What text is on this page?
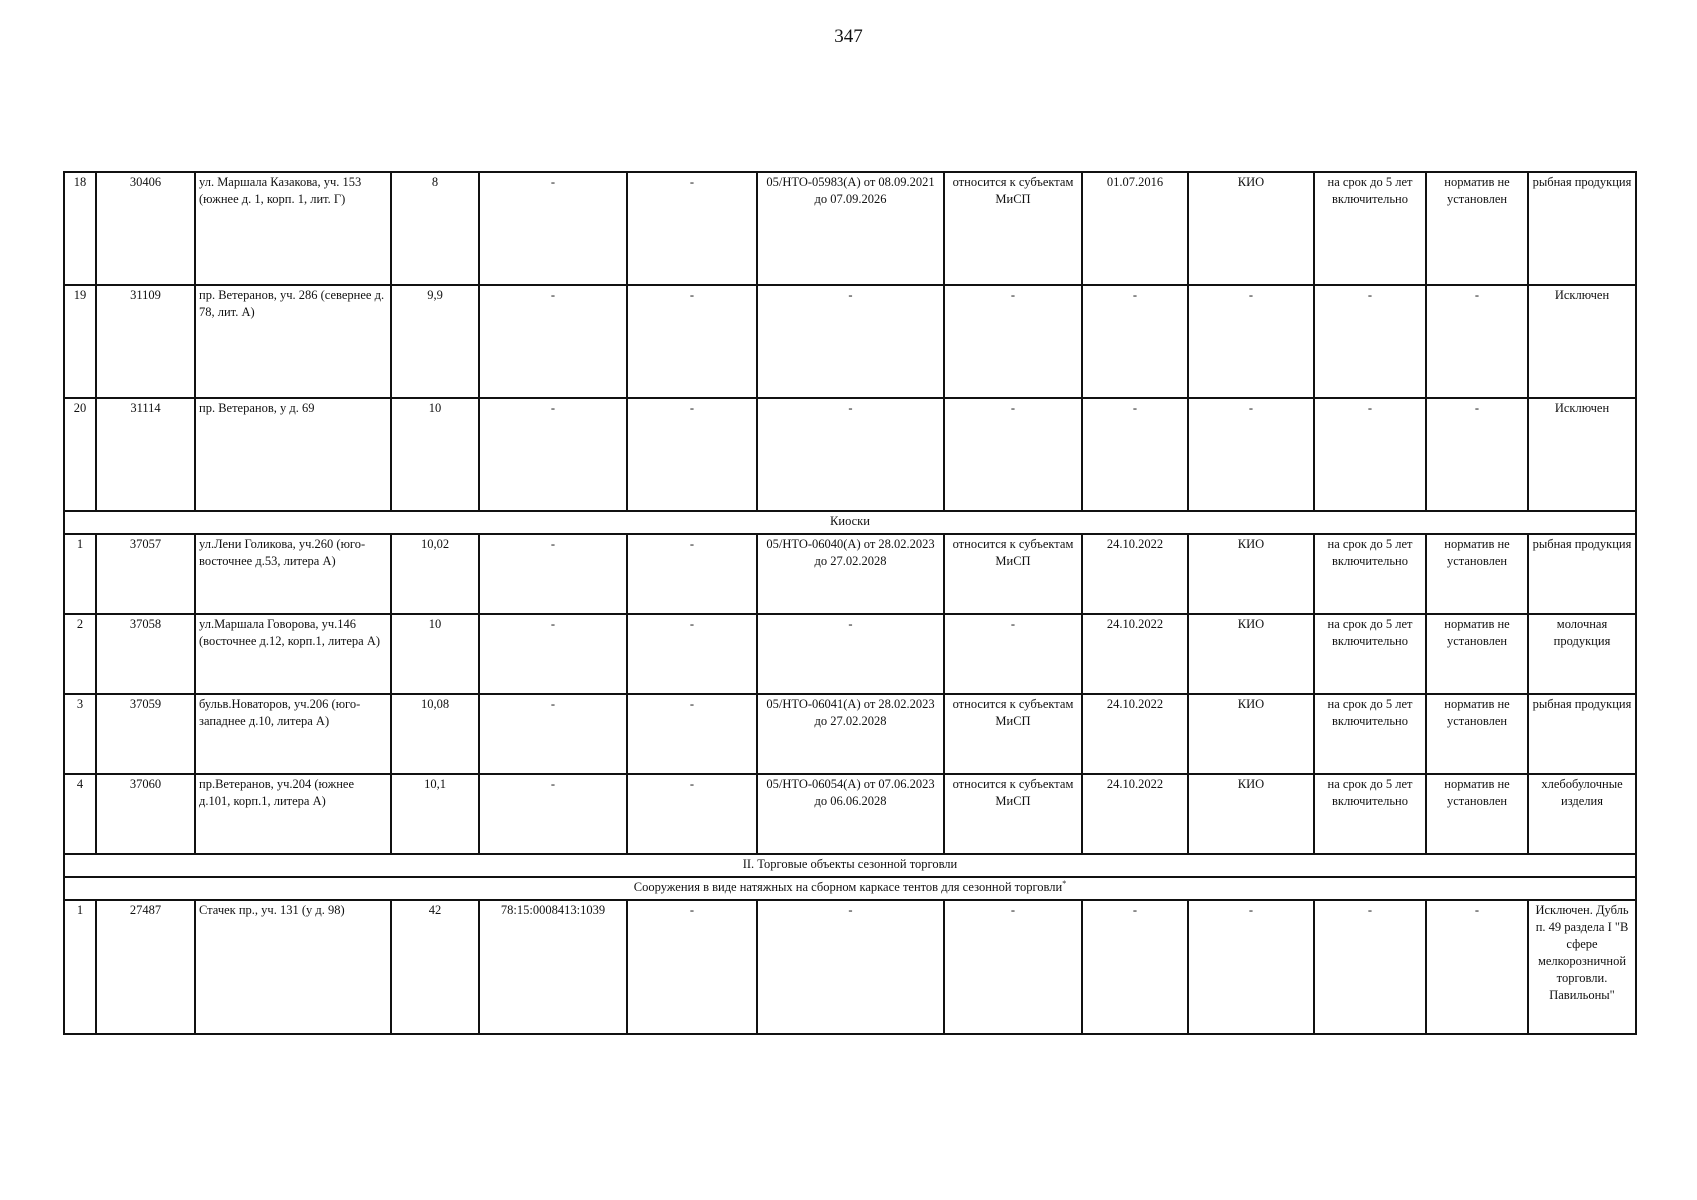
347
18	30406	ул. Маршала Казакова, уч. 153 (южнее д. 1, корп. 1, лит. Г)	8	-	-	05/НТО-05983(А) от 08.09.2021 до 07.09.2026	относится к субъектам МиСП	01.07.2016	КИО	на срок до 5 лет включительно	норматив не установлен	рыбная продукция
19	31109	пр. Ветеранов, уч. 286 (севернее д. 78, лит. А)	9,9	-	-	-	-	-	-	-	-	Исключен
20	31114	пр. Ветеранов, у д. 69	10	-	-	-	-	-	-	-	-	Исключен
Киоски												
1	37057	ул.Лени Голикова, уч.260 (юго-восточнее д.53, литера А)	10,02	-	-	05/НТО-06040(А) от 28.02.2023 до 27.02.2028	относится к субъектам МиСП	24.10.2022	КИО	на срок до 5 лет включительно	норматив не установлен	рыбная продукция
2	37058	ул.Маршала Говорова, уч.146 (восточнее д.12, корп.1, литера А)	10	-	-	-	-	24.10.2022	КИО	на срок до 5 лет включительно	норматив не установлен	молочная продукция
3	37059	бульв.Новаторов, уч.206 (юго-западнее д.10, литера А)	10,08	-	-	05/НТО-06041(А) от 28.02.2023 до 27.02.2028	относится к субъектам МиСП	24.10.2022	КИО	на срок до 5 лет включительно	норматив не установлен	рыбная продукция
4	37060	пр.Ветеранов, уч.204 (южнее д.101, корп.1, литера А)	10,1	-	-	05/НТО-06054(А) от 07.06.2023 до 06.06.2028	относится к субъектам МиСП	24.10.2022	КИО	на срок до 5 лет включительно	норматив не установлен	хлебобулочные изделия
II. Торговые объекты сезонной торговли												
Сооружения в виде натяжных на сборном каркасе тентов для сезонной торговли*
1	27487	Стачек пр., уч. 131 (у д. 98)	42	78:15:0008413:1039	-	-	-	-	-	-	-	Исключен. Дубль п. 49 раздела I "В сфере мелкорозничной торговли. Павильоны"
